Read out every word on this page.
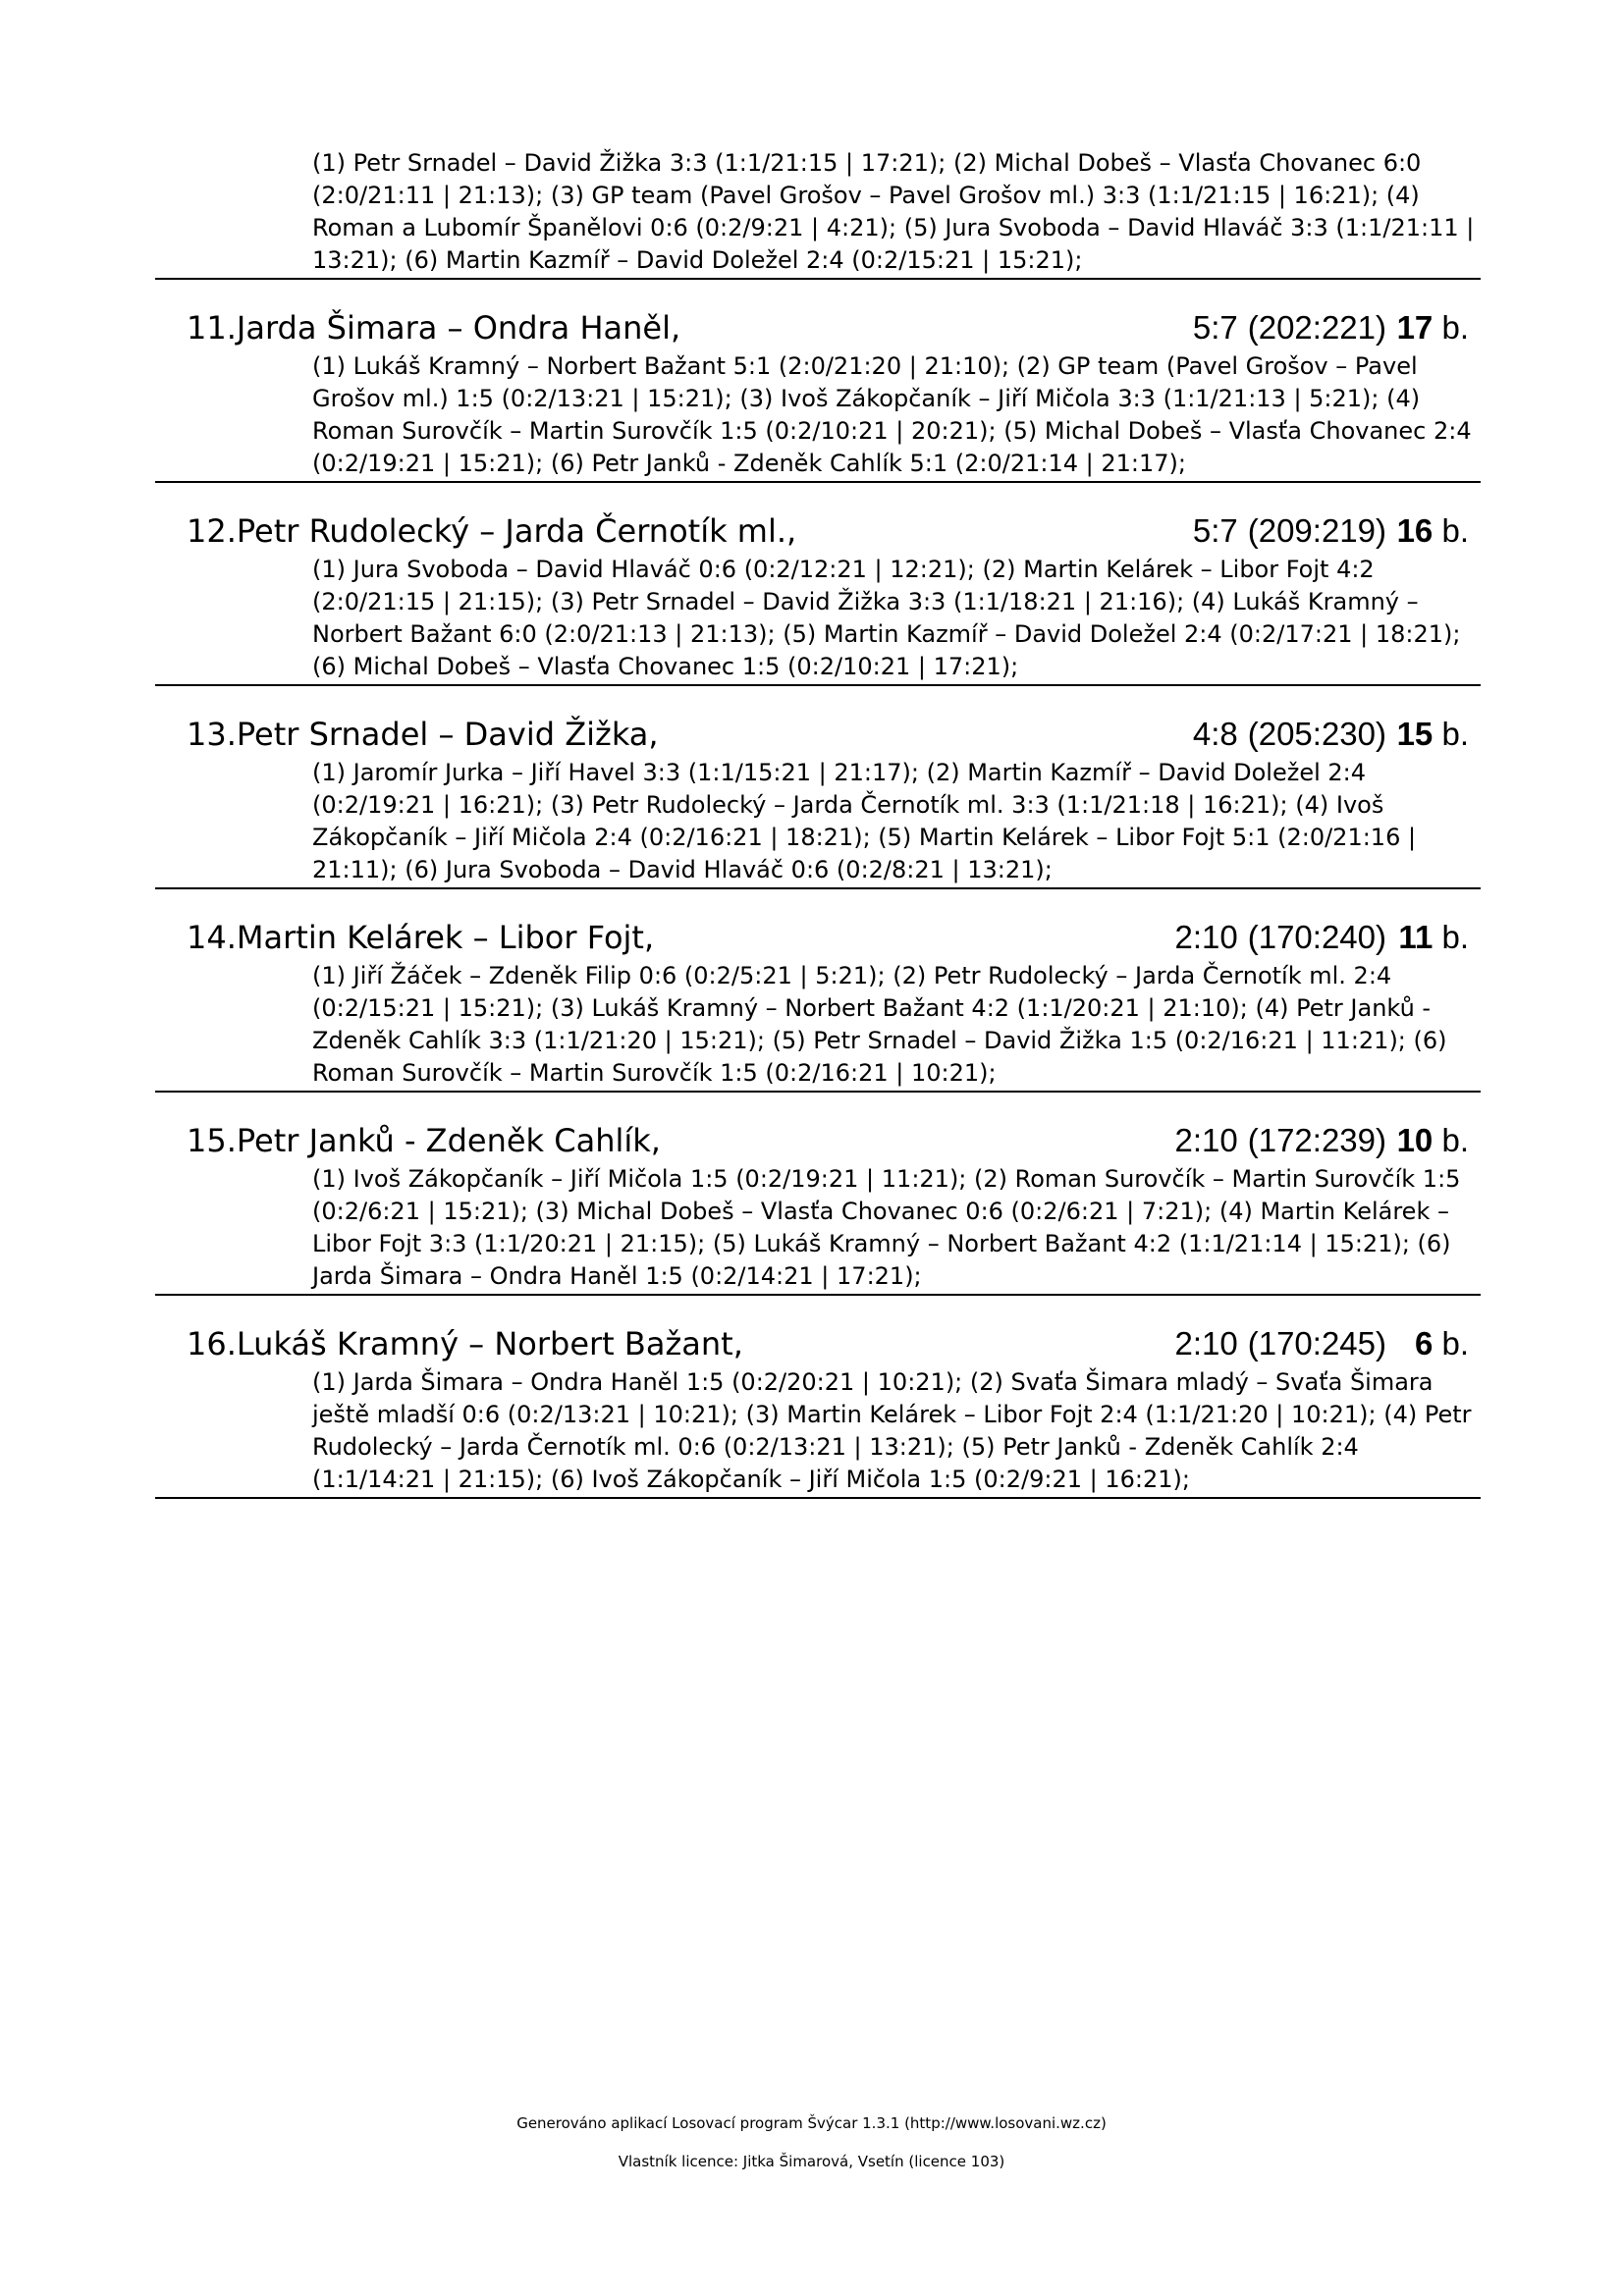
(1) Petr Srnadel – David Žižka 3:3 (1:1/21:15 | 17:21); (2) Michal Dobeš – Vlasťa Chovanec 6:0 (2:0/21:11 | 21:13); (3) GP team (Pavel Grošov – Pavel Grošov ml.) 3:3 (1:1/21:15 | 16:21); (4) Roman a Lubomír Španělovi 0:6 (0:2/9:21 | 4:21); (5) Jura Svoboda – David Hlaváč 3:3 (1:1/21:11 | 13:21); (6) Martin Kazmíř – David Doležel 2:4 (0:2/15:21 | 15:21);
11.Jarda Šimara – Ondra Haněl,	5:7 (202:221) 17 b.
(1) Lukáš Kramný – Norbert Bažant 5:1 (2:0/21:20 | 21:10); (2) GP team (Pavel Grošov – Pavel Grošov ml.) 1:5 (0:2/13:21 | 15:21); (3) Ivoš Zákopčaník – Jiří Mičola 3:3 (1:1/21:13 | 5:21); (4) Roman Surovčík – Martin Surovčík 1:5 (0:2/10:21 | 20:21); (5) Michal Dobeš – Vlasťa Chovanec 2:4 (0:2/19:21 | 15:21); (6) Petr Janků - Zdeněk Cahlík 5:1 (2:0/21:14 | 21:17);
12.Petr Rudolecký – Jarda Černotík ml.,	5:7 (209:219) 16 b.
(1) Jura Svoboda – David Hlaváč 0:6 (0:2/12:21 | 12:21); (2) Martin Kelárek – Libor Fojt 4:2 (2:0/21:15 | 21:15); (3) Petr Srnadel – David Žižka 3:3 (1:1/18:21 | 21:16); (4) Lukáš Kramný – Norbert Bažant 6:0 (2:0/21:13 | 21:13); (5) Martin Kazmíř – David Doležel 2:4 (0:2/17:21 | 18:21); (6) Michal Dobeš – Vlasťa Chovanec 1:5 (0:2/10:21 | 17:21);
13.Petr Srnadel – David Žižka,	4:8 (205:230) 15 b.
(1) Jaromír Jurka – Jiří Havel 3:3 (1:1/15:21 | 21:17); (2) Martin Kazmíř – David Doležel 2:4 (0:2/19:21 | 16:21); (3) Petr Rudolecký – Jarda Černotík ml. 3:3 (1:1/21:18 | 16:21); (4) Ivoš Zákopčaník – Jiří Mičola 2:4 (0:2/16:21 | 18:21); (5) Martin Kelárek – Libor Fojt 5:1 (2:0/21:16 | 21:11); (6) Jura Svoboda – David Hlaváč 0:6 (0:2/8:21 | 13:21);
14.Martin Kelárek – Libor Fojt,	2:10 (170:240) 11 b.
(1) Jiří Žáček – Zdeněk Filip 0:6 (0:2/5:21 | 5:21); (2) Petr Rudolecký – Jarda Černotík ml. 2:4 (0:2/15:21 | 15:21); (3) Lukáš Kramný – Norbert Bažant 4:2 (1:1/20:21 | 21:10); (4) Petr Janků - Zdeněk Cahlík 3:3 (1:1/21:20 | 15:21); (5) Petr Srnadel – David Žižka 1:5 (0:2/16:21 | 11:21); (6) Roman Surovčík – Martin Surovčík 1:5 (0:2/16:21 | 10:21);
15.Petr Janků - Zdeněk Cahlík,	2:10 (172:239) 10 b.
(1) Ivoš Zákopčaník – Jiří Mičola 1:5 (0:2/19:21 | 11:21); (2) Roman Surovčík – Martin Surovčík 1:5 (0:2/6:21 | 15:21); (3) Michal Dobeš – Vlasťa Chovanec 0:6 (0:2/6:21 | 7:21); (4) Martin Kelárek – Libor Fojt 3:3 (1:1/20:21 | 21:15); (5) Lukáš Kramný – Norbert Bažant 4:2 (1:1/21:14 | 15:21); (6) Jarda Šimara – Ondra Haněl 1:5 (0:2/14:21 | 17:21);
16.Lukáš Kramný – Norbert Bažant,	2:10 (170:245) 6 b.
(1) Jarda Šimara – Ondra Haněl 1:5 (0:2/20:21 | 10:21); (2) Svaťa Šimara mladý – Svaťa Šimara ještě mladší 0:6 (0:2/13:21 | 10:21); (3) Martin Kelárek – Libor Fojt 2:4 (1:1/21:20 | 10:21); (4) Petr Rudolecký – Jarda Černotík ml. 0:6 (0:2/13:21 | 13:21); (5) Petr Janků - Zdeněk Cahlík 2:4 (1:1/14:21 | 21:15); (6) Ivoš Zákopčaník – Jiří Mičola 1:5 (0:2/9:21 | 16:21);
Generováno aplikací Losovací program Švýcar 1.3.1 (http://www.losovani.wz.cz)
Vlastník licence: Jitka Šimarová, Vsetín (licence 103)
